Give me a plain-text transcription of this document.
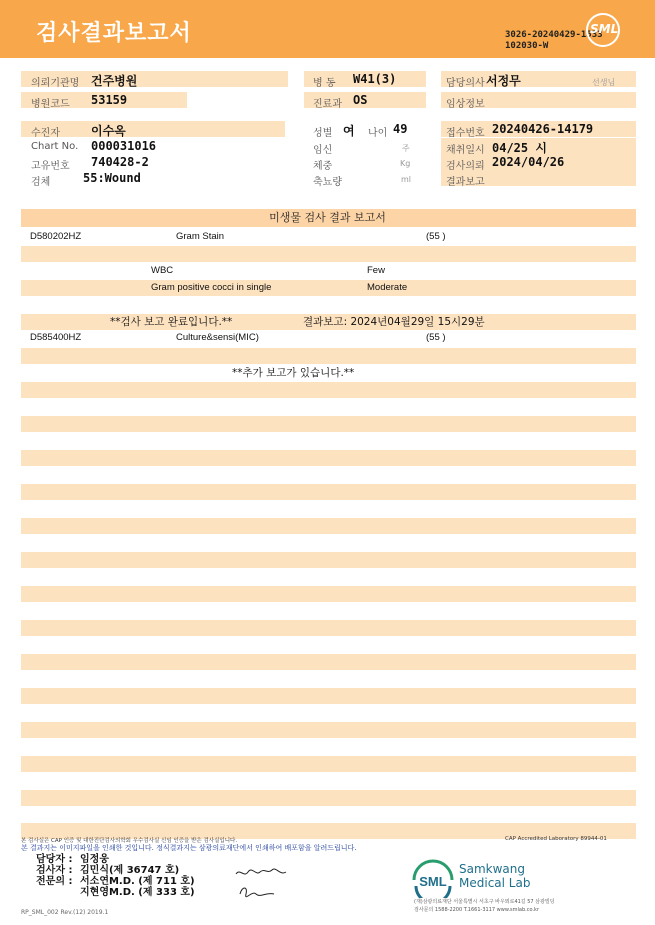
검사결과보고서	3026-20240429-1533
102030-W
SML
의뢰기관명 건주병원
병원코드 53159
병 동 W41(3)
진료과 OS
담당의사 서정무	선생님
임상정보
수진자	이수옥
Chart No. 000031016
고유번호 740428-2
검체	55:Wound
성별 여 나이 49
임신	주
체중	Kg
축뇨량	ml
접수번호 20240426-14179
채취일시 04/25 시
검사의뢰 2024/04/26
결과보고
미생물 검사 결과 보고서
D580202HZ	Gram Stain	(55 )
WBC	Few
Gram positive cocci in single	Moderate
**검사 보고 완료입니다.**	결과보고: 2024년04월29일 15시29분
D585400HZ	Culture&sensi(MIC)	(55 )
**추가 보고가 있습니다.**
본 검사실은 CAP 인증 및 대한진단검사의학회 우수검사실 신임 인증을 받은 검사실입니다.	CAP Accredited Laboratory 89944-01
본 결과지는 이미지파일을 인쇄한 것입니다. 정식결과지는 삼광의료재단에서 인쇄하여 배포함을 알려드립니다.
담당자 : 임정웅
검사자 : 김민식(제 36747 호)
전문의 : 서소연M.D. (제 711 호)
지현영M.D. (제 333 호)
SML
Samkwang
Medical Lab
(재)삼광의료재단 서울특별시 서초구 바우뫼로41길 57 삼광빌딩
검사문의 1588-2200 T.1661-3117 www.smlab.co.kr
RP_SML_002 Rev.(12) 2019.1
